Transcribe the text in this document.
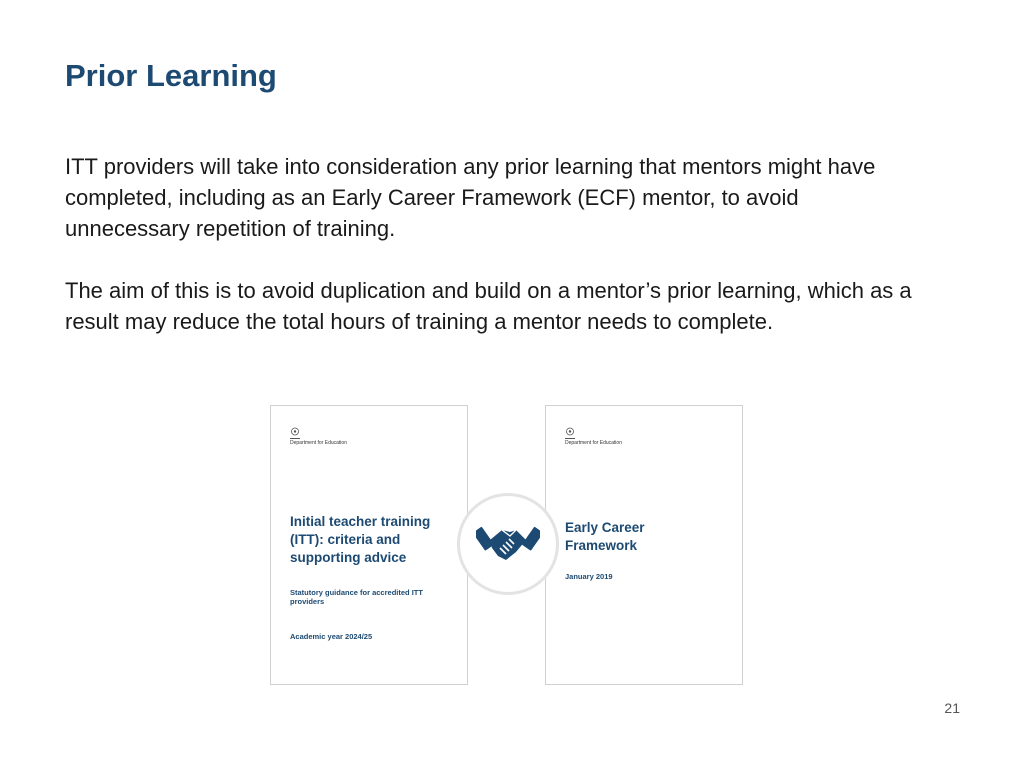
Prior Learning

ITT providers will take into consideration any prior learning that mentors might have completed, including as an Early Career Framework (ECF) mentor, to avoid unnecessary repetition of training.

The aim of this is to avoid duplication and build on a mentor’s prior learning, which as a result may reduce the total hours of training a mentor needs to complete.

Department for Education
Initial teacher training (ITT): criteria and supporting advice
Statutory guidance for accredited ITT providers
Academic year 2024/25
Department for Education
Early Career Framework
January 2019
21
